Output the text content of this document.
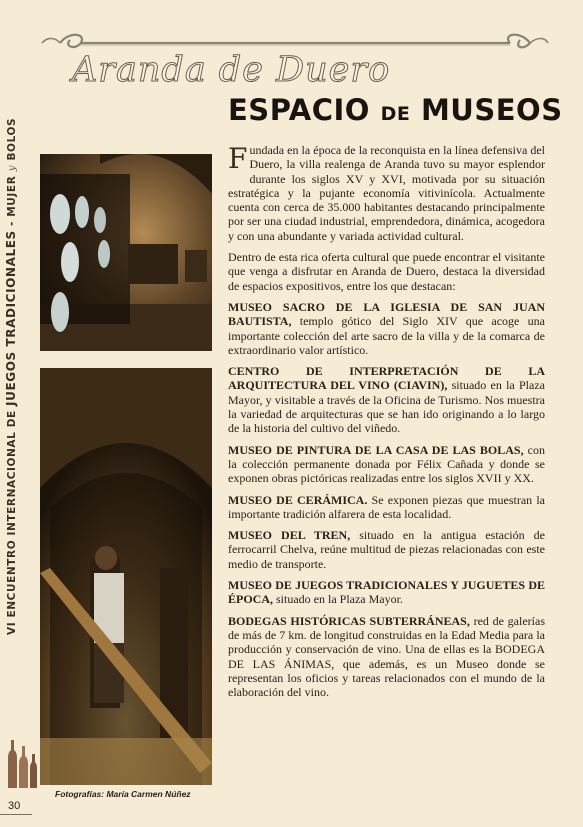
Aranda de Duero
ESPACIO DE MUSEOS
VI ENCUENTRO INTERNACIONAL DE JUEGOS TRADICIONALES - MUJER y BOLOS
Fotografías: María Carmen Núñez
30

Fundada en la época de la reconquista en la línea defensiva del Duero, la villa realenga de Aranda tuvo su mayor esplendor durante los siglos XV y XVI, motivada por su situación estratégica y la pujante economía vitivinícola. Actualmente cuenta con cerca de 35.000 habitantes destacando principalmente por ser una ciudad industrial, emprendedora, dinámica, acogedora y con una abundante y variada actividad cultural.

Dentro de esta rica oferta cultural que puede encontrar el visitante que venga a disfrutar en Aranda de Duero, destaca la diversidad de espacios expositivos, entre los que destacan:

MUSEO SACRO DE LA IGLESIA DE SAN JUAN BAUTISTA, templo gótico del Siglo XIV que acoge una importante colección del arte sacro de la villa y de la comarca de extraordinario valor artístico.

CENTRO DE INTERPRETACIÓN DE LA ARQUITECTURA DEL VINO (CIAVIN), situado en la Plaza Mayor, y visitable a través de la Oficina de Turismo. Nos muestra la variedad de arquitecturas que se han ido originando a lo largo de la historia del cultivo del viñedo.

MUSEO DE PINTURA DE LA CASA DE LAS BOLAS, con la colección permanente donada por Félix Cañada y donde se exponen obras pictóricas realizadas entre los siglos XVII y XX.

MUSEO DE CERÁMICA. Se exponen piezas que muestran la importante tradición alfarera de esta localidad.

MUSEO DEL TREN, situado en la antigua estación de ferrocarril Chelva, reúne multitud de piezas relacionadas con este medio de transporte.

MUSEO DE JUEGOS TRADICIONALES Y JUGUETES DE ÉPOCA, situado en la Plaza Mayor.

BODEGAS HISTÓRICAS SUBTERRÁNEAS, red de galerías de más de 7 km. de longitud construidas en la Edad Media para la producción y conservación de vino. Una de ellas es la BODEGA DE LAS ÁNIMAS, que además, es un Museo donde se representan los oficios y tareas relacionados con el mundo de la elaboración del vino.
